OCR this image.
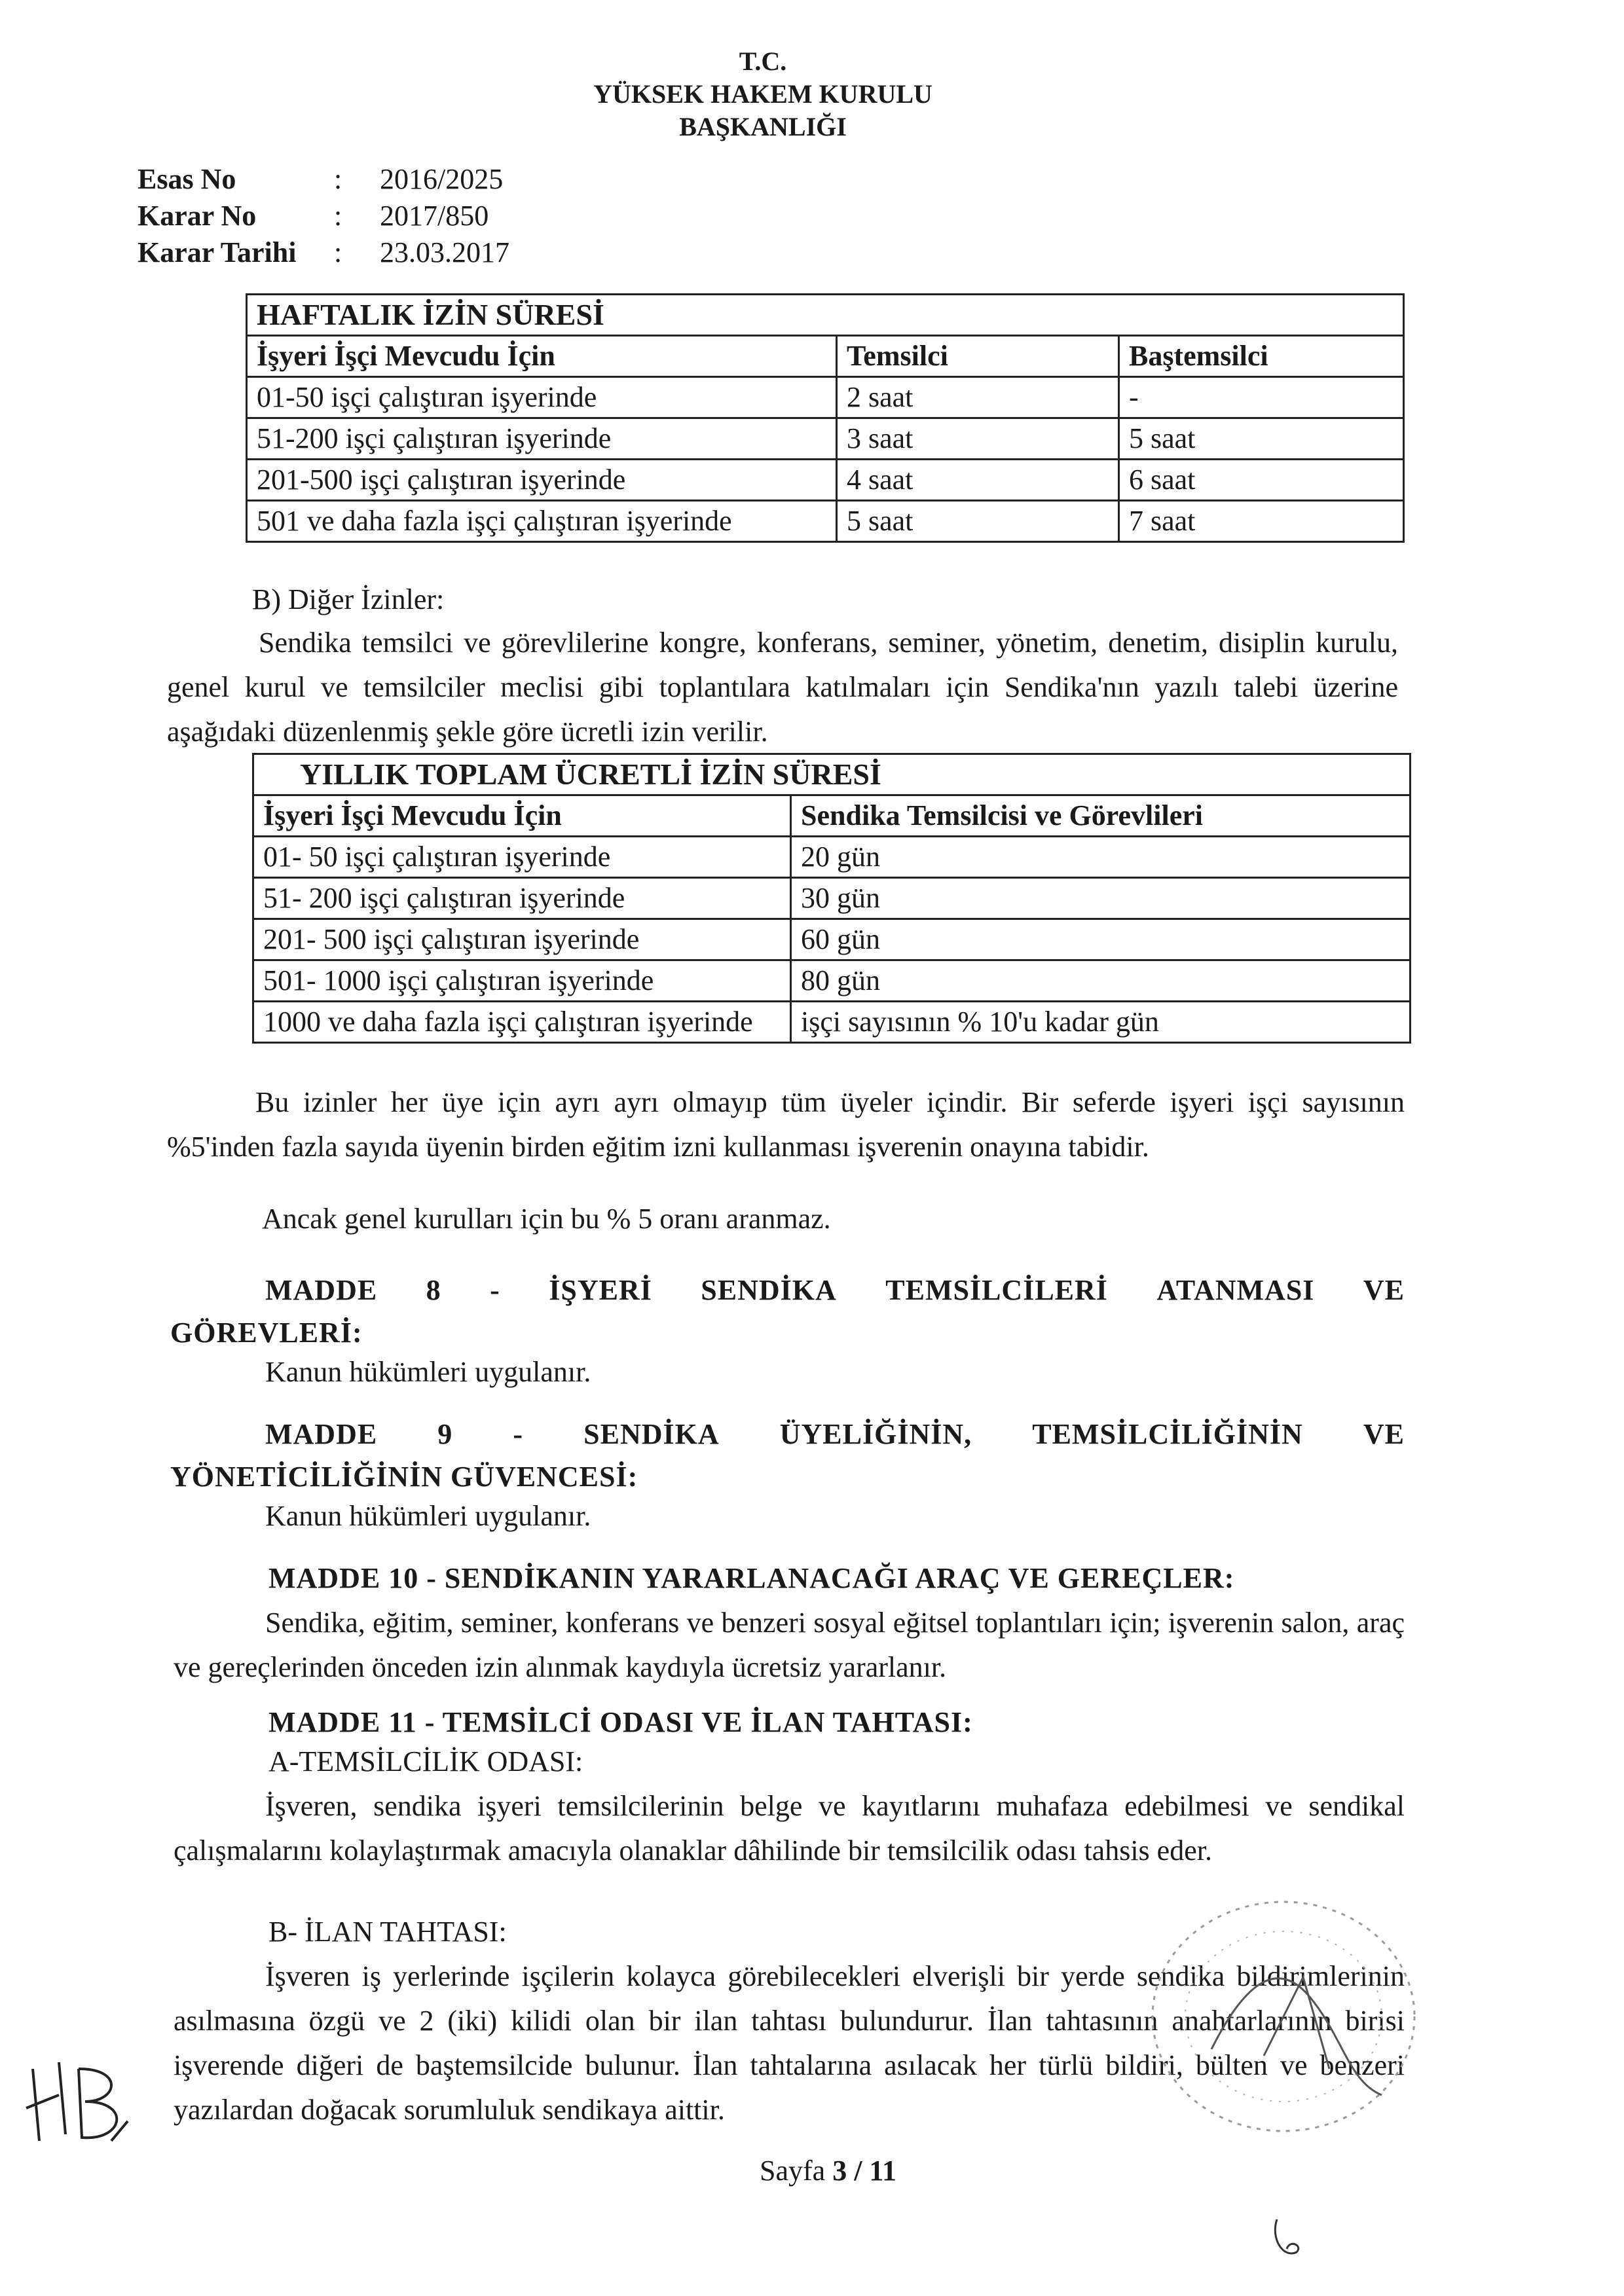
T.C.
YÜKSEK HAKEM KURULU
BAŞKANLIĞI
Esas No	: 2016/2025
Karar No	: 2017/850
Karar Tarihi : 23.03.2017
HAFTALIK İZİN SÜRESİ		
İşyeri İşçi Mevcudu İçin	Temsilci	Baştemsilci
01-50 işçi çalıştıran işyerinde	2 saat	-
51-200 işçi çalıştıran işyerinde	3 saat	5 saat
201-500 işçi çalıştıran işyerinde	4 saat	6 saat
501 ve daha fazla işçi çalıştıran işyerinde	5 saat	7 saat
B) Diğer İzinler:
Sendika temsilci ve görevlilerine kongre, konferans, seminer, yönetim, denetim, disiplin kurulu, genel kurul ve temsilciler meclisi gibi toplantılara katılmaları için Sendika'nın yazılı talebi üzerine aşağıdaki düzenlenmiş şekle göre ücretli izin verilir.
YILLIK TOPLAM ÜCRETLİ İZİN SÜRESİ	
İşyeri İşçi Mevcudu İçin	Sendika Temsilcisi ve Görevlileri
01- 50 işçi çalıştıran işyerinde	20 gün
51- 200 işçi çalıştıran işyerinde	30 gün
201- 500 işçi çalıştıran işyerinde	60 gün
501- 1000 işçi çalıştıran işyerinde	80 gün
1000 ve daha fazla işçi çalıştıran işyerinde	işçi sayısının % 10'u kadar gün
Bu izinler her üye için ayrı ayrı olmayıp tüm üyeler içindir. Bir seferde işyeri işçi sayısının %5'inden fazla sayıda üyenin birden eğitim izni kullanması işverenin onayına tabidir.
Ancak genel kurulları için bu % 5 oranı aranmaz.
MADDE 8 - İŞYERİ SENDİKA TEMSİLCİLERİ ATANMASI VE
GÖREVLERİ:
Kanun hükümleri uygulanır.
MADDE 9 - SENDİKA ÜYELİĞİNİN, TEMSİLCİLİĞİNİN VE
YÖNETİCİLİĞİNİN GÜVENCESİ:
Kanun hükümleri uygulanır.
MADDE 10 - SENDİKANIN YARARLANACAĞI ARAÇ VE GEREÇLER:
Sendika, eğitim, seminer, konferans ve benzeri sosyal eğitsel toplantıları için; işverenin salon, araç ve gereçlerinden önceden izin alınmak kaydıyla ücretsiz yararlanır.
MADDE 11 - TEMSİLCİ ODASI VE İLAN TAHTASI:
A-TEMSİLCİLİK ODASI:
İşveren, sendika işyeri temsilcilerinin belge ve kayıtlarını muhafaza edebilmesi ve sendikal çalışmalarını kolaylaştırmak amacıyla olanaklar dâhilinde bir temsilcilik odası tahsis eder.
B- İLAN TAHTASI:
İşveren iş yerlerinde işçilerin kolayca görebilecekleri elverişli bir yerde sendika bildirimlerinin asılmasına özgü ve 2 (iki) kilidi olan bir ilan tahtası bulundurur. İlan tahtasının anahtarlarının birisi işverende diğeri de baştemsilcide bulunur. İlan tahtalarına asılacak her türlü bildiri, bülten ve benzeri yazılardan doğacak sorumluluk sendikaya aittir.
Sayfa 3 / 11
